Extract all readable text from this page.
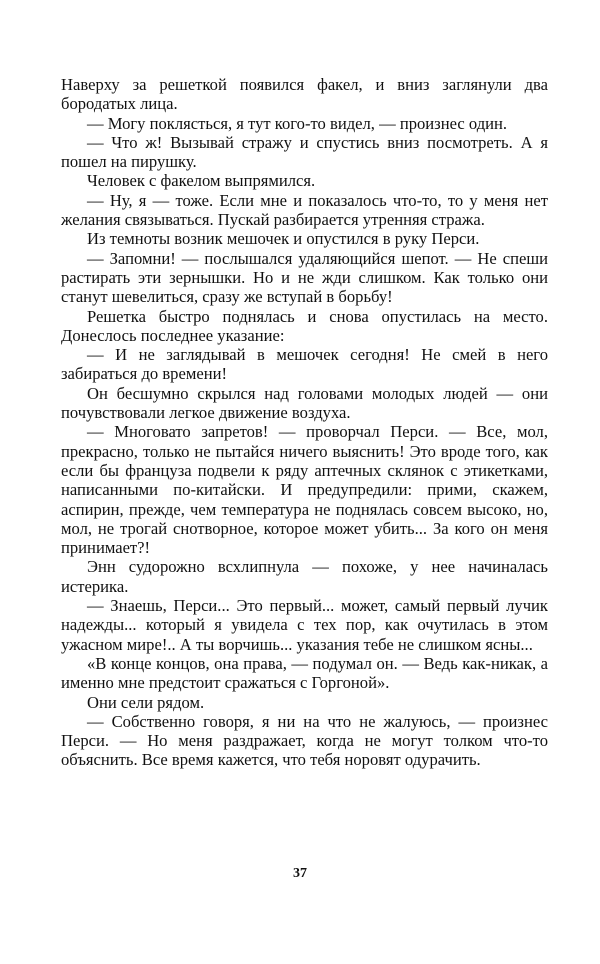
Наверху за решеткой появился факел, и вниз заглянули два бородатых лица.

— Могу поклясться, я тут кого-то видел, — произнес один.

— Что ж! Вызывай стражу и спустись вниз посмотреть. А я пошел на пирушку.

Человек с факелом выпрямился.

— Ну, я — тоже. Если мне и показалось что-то, то у меня нет желания связываться. Пускай разбирается утренняя стража.

Из темноты возник мешочек и опустился в руку Перси.

— Запомни! — послышался удаляющийся шепот. — Не спеши растирать эти зернышки. Но и не жди слишком. Как только они станут шевелиться, сразу же вступай в борьбу!

Решетка быстро поднялась и снова опустилась на место. Донеслось последнее указание:

— И не заглядывай в мешочек сегодня! Не смей в него забираться до времени!

Он бесшумно скрылся над головами молодых людей — они почувствовали легкое движение воздуха.

— Многовато запретов! — проворчал Перси. — Все, мол, прекрасно, только не пытайся ничего выяснить! Это вроде того, как если бы француза подвели к ряду аптечных склянок с этикетками, написанными по-китайски. И предупредили: прими, скажем, аспирин, прежде, чем температура не поднялась совсем высоко, но, мол, не трогай снотворное, которое может убить... За кого он меня принимает?!

Энн судорожно всхлипнула — похоже, у нее начиналась истерика.

— Знаешь, Перси... Это первый... может, самый первый лучик надежды... который я увидела с тех пор, как очутилась в этом ужасном мире!.. А ты ворчишь... указания тебе не слишком ясны...

«В конце концов, она права, — подумал он. — Ведь как-никак, а именно мне предстоит сражаться с Горгоной».

Они сели рядом.

— Собственно говоря, я ни на что не жалуюсь, — произнес Перси. — Но меня раздражает, когда не могут толком что-то объяснить. Все время кажется, что тебя норовят одурачить.

37
